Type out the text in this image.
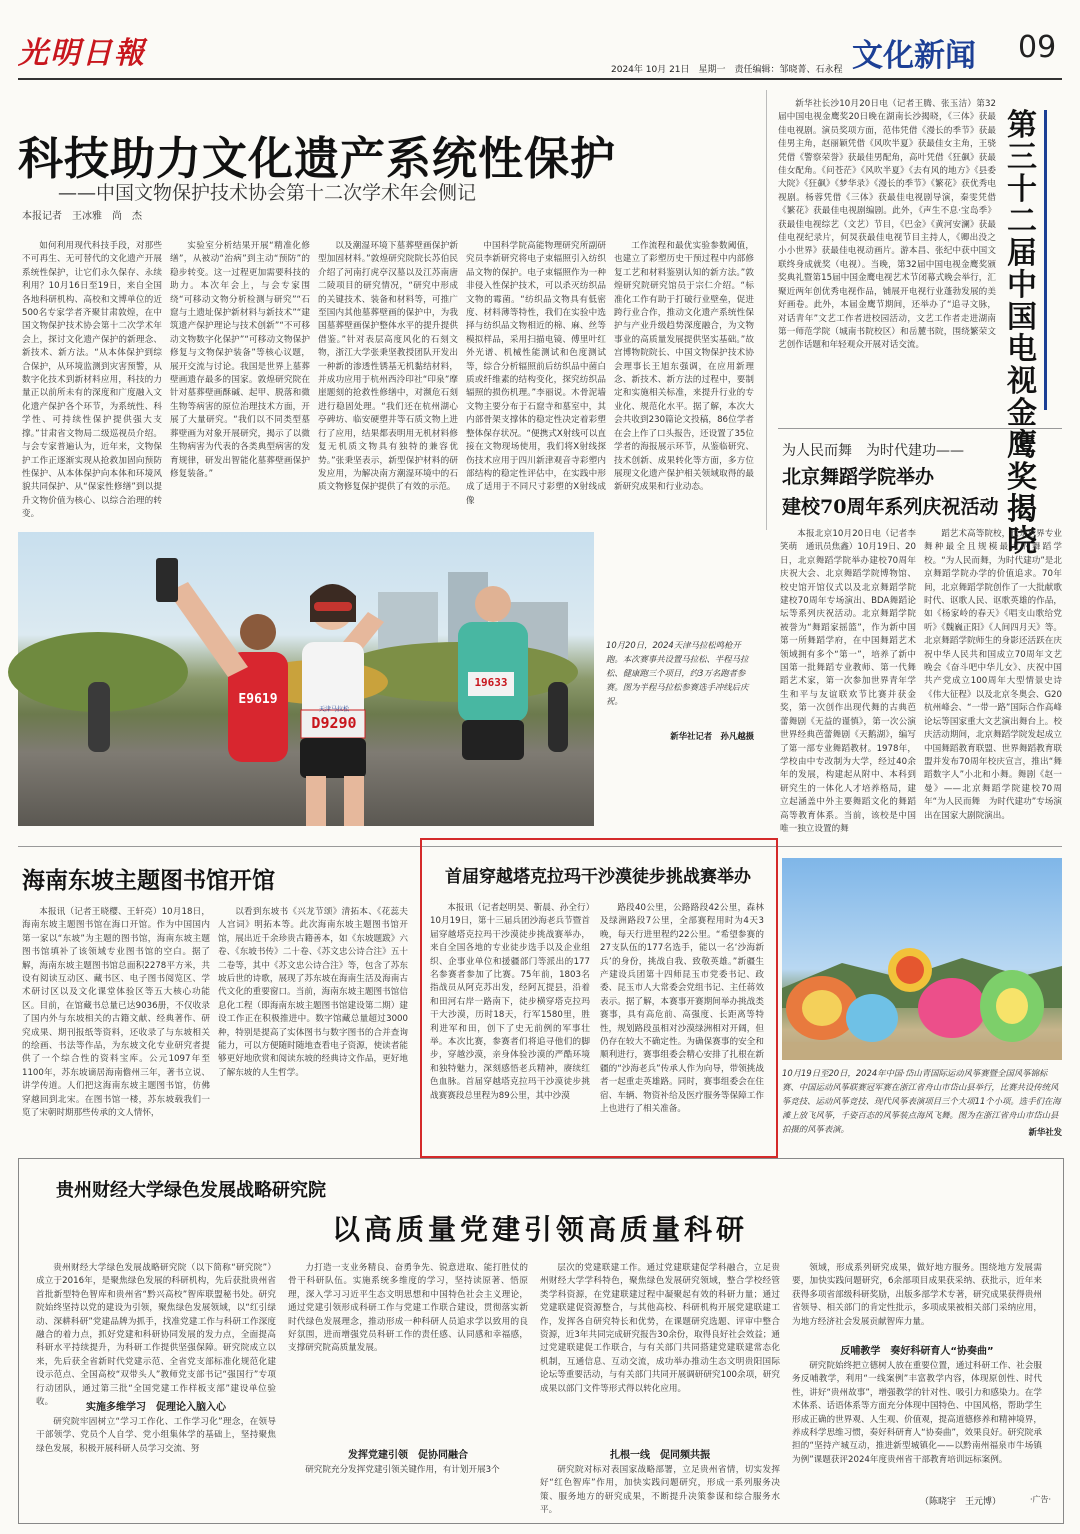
光明日報	2024年 10月 21日　星期一　责任编辑：邹晓菁、石永程 文化新闻 09
科技助力文化遗产系统性保护
——中国文物保护技术协会第十二次学术年会侧记
本报记者　王冰雅　尚　杰

如何利用现代科技手段，对那些不可再生、无可替代的文化遗产开展系统性保护，让它们永久保存、永续利用？10月16日至19日，来自全国各地科研机构、高校和文博单位的近500名专家学者齐聚甘肃敦煌，在中国文物保护技术协会第十二次学术年会上，探讨文化遗产保护的新理念、新技术、新方法。“从本体保护到综合保护，从环境监测到灾害预警，从数字化技术到新材料应用，科技的力量正以前所未有的深度和广度融入文化遗产保护各个环节，为系统性、科学性、可持续性保护提供强大支撑。”甘肃省文物局二级巡视员介绍。与会专家普遍认为，近年来，文物保护工作正逐渐实现从抢救加固向预防性保护、从本体保护向本体和环境风貌共同保护、从“保家性修缮”到以提升文物价值为核心、以综合治理的转变。

实验室分析结果开展“精准化修缮”，从被动“治病”到主动“预防”的稳步转变。这一过程更加需要科技的助力。本次年会上，与会专家围绕“可移动文物分析检测与研究”“石窟与土遗址保护新材料与新技术”“建筑遗产保护理论与技术创新”“不可移动文物数字化保护”“可移动文物保护修复与文物保护装备”等核心议题，展开交流与讨论。我国是世界上墓葬壁画遗存最多的国家。敦煌研究院在针对墓葬壁画酥碱、起甲、脱落和微生物等病害的原位治理技术方面，开展了大量研究。“我们以不同类型墓葬壁画为对象开展研究，揭示了以微生物病害为代表的各类典型病害的发育规律，研发出智能化墓葬壁画保护修复装备。”

以及潮湿环境下墓葬壁画保护新型加固材料。”敦煌研究院院长苏伯民介绍了河南打虎亭汉墓以及江苏南唐二陵项目的研究情况，“研究中形成的关键技术、装备和材料等，可推广至国内其他墓葬壁画的保护中，为我国墓葬壁画保护整体水平的提升提供借鉴。”针对表层高度风化的石刻文物，浙江大学张秉坚教授团队开发出一种新的渗透性锈基无机黏结材料，并成功应用于杭州西泠印社“印泉”摩崖题刻的抢救性修缮中，对濒危石刻进行稳固处理。“我们还在杭州湖心亭碑坊、临安硬塑井等石质文物上进行了应用，结果都表明用无机材料修复无机质文物具有独特的兼容优势。”张秉坚表示，新型保护材料的研发应用，为解决南方潮湿环境中的石质文物修复保护提供了有效的示范。

中国科学院高能物理研究所副研究员李新研究将电子束辐照引入纺织品文物的保护。电子束辐照作为一种非侵入性保护技术，可以杀灭纺织品文物的霉菌。“纺织品文物具有低密度、材料薄等特性，我们在实验中选择与纺织品文物相近的棉、麻、丝等模拟样品，采用扫描电镜、傅里叶红外光谱、机械性能测试和色度测试等，综合分析辐照前后纺织品中菌白质或纤维素的结构变化，探究纺织品辐照的损伤机理。”李丽说。木骨泥墙文物主要分布于石窟寺和墓室中，其内部骨架支撑体的稳定性决定着彩塑整体保存状况。“便携式X射线可以直接在文物现场使用，我们将X射线探伤技术应用于四川新津观音寺彩塑内部结构的稳定性评估中，在实践中形成了适用于不同尺寸彩塑的X射线成像

工作流程和最优实验参数阈值，也建立了彩塑历史干预过程中内部修复工艺和材料鉴别认知的新方法。”敦煌研究院研究馆员于宗仁介绍。“标准化工作有助于打破行业壁垒，促进跨行业合作，推动文化遗产系统性保护与产业升级趋势深度融合，为文物事业的高质量发展提供坚实基础。”故宫博物院院长、中国文物保护技术协会理事长王旭东强调，在应用新理念、新技术、新方法的过程中，要制定和实施相关标准，来提升行业的专业化、规范化水平。据了解，本次大会共收到230篇论文投稿，86位学者在会上作了口头报告，还设置了35位学者的海报展示环节，从鉴临研究、技术创新、成果转化等方面，多方位展现文化遗产保护相关领域取得的最新研究成果和行业动态。

新华社长沙10月20日电（记者王腾、张玉洁）第32届中国电视金鹰奖20日晚在湖南长沙揭晓，《三体》获最佳电视剧。演员奖项方面，范伟凭借《漫长的季节》获最佳男主角，赵丽颖凭借《风吹半夏》获最佳女主角，王骁凭借《警察荣誉》获最佳男配角，高叶凭借《狂飙》获最佳女配角。《问苍茫》《风吹半夏》《去有风的地方》《县委大院》《狂飙》《梦华录》《漫长的季节》《繁花》获优秀电视剧。杨蓉凭借《三体》获最佳电视剧导演，秦雯凭借《繁花》获最佳电视剧编剧。此外，《声生不息·宝岛季》获最佳电视综艺（文艺）节目，《巴金》《黄河安澜》获最佳电视纪录片，何炅获最佳电视节目主持人，《卿出没之小小世界》获最佳电视动画片。游本昌、张纪中获中国文联终身成就奖（电视）。当晚，第32届中国电视金鹰奖颁奖典礼暨第15届中国金鹰电视艺术节闭幕式晚会举行，汇聚近两年创优秀电视作品，铺展开电视行业蓬勃发展的美好画卷。此外，本届金鹰节期间，还举办了“追寻文脉，对话青年”文艺工作者进校园活动，文艺工作者走进湖南第一师范学院（城南书院校区）和岳麓书院，围绕繁荣文艺创作话题和年轻观众开展对话交流。

第三十二届中国电视金鹰奖揭晓
为人民而舞　为时代建功——
北京舞蹈学院举办
建校70周年系列庆祝活动

本报北京10月20日电（记者李笑萌　通讯员焦鑫）10月19日、20日，北京舞蹈学院举办建校70周年庆祝大会、北京舞蹈学院博物馆、校史馆开馆仪式以及北京舞蹈学院建校70周年专场演出、BDA舞蹈论坛等系列庆祝活动。北京舞蹈学院被誉为“舞蹈家摇篮”，作为新中国第一所舞蹈学府，在中国舞蹈艺术领域拥有多个“第一”，培养了新中国第一批舞蹈专业教师、第一代舞蹈艺术家，第一次参加世界青年学生和平与友谊联欢节比赛并获金奖，第一次创作出现代舞的古典芭蕾舞剧《无益的谨慎》，第一次公演世界经典芭蕾舞剧《天鹅湖》，编写了第一部专业舞蹈教材。1978年，学校由中专改制为大学，经过40余年的发展，构建起从附中、本科到研究生的一体化人才培养格局，建立起涵盖中外主要舞蹈文化的舞蹈高等教育体系。当前，该校是中国唯一独立设置的舞

蹈艺术高等院校，也是世界专业舞种最全且规模最大的舞蹈学校。“为人民而舞，为时代建功”是北京舞蹈学院办学的价值追求。70年间，北京舞蹈学院创作了一大批献歌时代、讴歌人民、讴歌英雄的作品，如《杨家岭的春天》《唱支山歌给党听》《魏巍正阳》《人间四月天》等。北京舞蹈学院师生的身影还活跃在庆祝中华人民共和国成立70周年文艺晚会《奋斗吧中华儿女》、庆祝中国共产党成立100周年大型情景史诗《伟大征程》以及北京冬奥会、G20杭州峰会、“一带一路”国际合作高峰论坛等国家重大文艺演出舞台上。校庆活动期间，北京舞蹈学院发起成立中国舞蹈教育联盟、世界舞蹈教育联盟并发布70周年校庆宣言，推出“舞蹈数字人”小北和小舞。舞剧《赵一曼》——北京舞蹈学院建校70周年“为人民而舞　为时代建功”专场演出在国家大剧院演出。

D9290
天津马拉松
E9619
19633
10月20日，2024天津马拉松鸣枪开跑。本次赛事共设置马拉松、半程马拉松、健康跑三个项目，约3万名跑者参赛。图为半程马拉松参赛选手冲线后庆祝。
新华社记者　孙凡越摄
海南东坡主题图书馆开馆

本报讯（记者王晓樱、王轩亮）10月18日，海南东坡主题图书馆在海口开馆。作为中国国内第一家以“东坡”为主题的图书馆，海南东坡主题图书馆填补了该领域专业图书馆的空白。据了解，海南东坡主题图书馆总面积2278平方米，共设有阅读互动区、藏书区、电子图书阅览区、学术研讨区以及文化课堂体验区等五大核心功能区。目前，在馆藏书总量已达9036册，不仅收录了国内外与东坡相关的古籍文献、经典著作、研究成果、期刊报纸等资料，还收录了与东坡相关的绘画、书法等作品，为东坡文化专业研究者提供了一个综合性的资料宝库。公元1097年至1100年，苏东坡谪居海南儋州三年，著书立说、讲学传道。人们把这海南东坡主题图书馆，仿佛穿越回到北宋。在图书馆一楼，苏东坡载我们一览了宋朝时期那些传承的文人情怀，

以看到东坡书《兴龙节颂》清拓本、《花蕊夫人宫词》明拓本等。此次海南东坡主题图书馆开馆，展出近千余珍贵古籍善本，如《东坡题跋》六卷、《东坡书传》二十卷、《苏文忠公诗合注》五十二卷等，其中《苏文忠公诗合注》等，包含了苏东坡后世的诗歌，展现了苏东坡在海南生活及海南古代文化的重要窗口。当前，海南东坡主题图书馆信息化工程（即海南东坡主题图书馆建设第二期）建设工作正在积极推进中。数字馆藏总量超过3000种，特别是提高了实体图书与数字图书的合并查询能力，可以方便随时随地查看电子资源，使读者能够更好地欣赏和阅读东坡的经典诗文作品，更好地了解东坡的人生哲学。

首届穿越塔克拉玛干沙漠徒步挑战赛举办

本报讯（记者赵明昊、靳晨、孙全行）10月19日，第十三届兵团沙海老兵节暨首届穿越塔克拉玛干沙漠徒步挑战赛举办，来自全国各地的专业徒步选手以及企业组织、企事业单位和援疆部门等派出的177名参赛者参加了比赛。75年前，1803名指战员从阿克苏出发，经阿瓦提县，沿着和田河右岸一路南下，徒步横穿塔克拉玛干大沙漠，历时18天，行军1580里，胜利进军和田，创下了史无前例的军事壮举。本次比赛，参赛者们将追寻他们的脚步，穿越沙漠，亲身体验沙漠的严酷环境和独特魅力，深刻感悟老兵精神，赓续红色血脉。首届穿越塔克拉玛干沙漠徒步挑战赛赛段总里程为89公里，其中沙漠

路段40公里，公路路段42公里，森林及绿洲路段7公里，全部赛程用时为4天3晚，每天行进里程约22公里。“希望参赛的27支队伍的177名选手，能以一名‘沙海新兵’的身份，挑战自我、致敬英雄。”新疆生产建设兵团第十四师昆玉市党委书记、政委、昆玉市人大常委会党组书记、主任蒋效表示。据了解，本赛事开赛期间举办挑战类赛事，具有高危前、高强度、长距离等特性，规划路段虽相对沙漠绿洲相对开阔，但仍存在较大不确定性。为确保赛事的安全和顺利进行，赛事组委会精心安排了扎根在新疆的“沙海老兵”传承人作为向导，带领挑战者一起重走英雄路。同时，赛事组委会在住宿、车辆、物资补给及医疗服务等保障工作上也进行了相关准备。

10月19日至20日，2024年中国·岱山青国际运动风筝赛暨全国风筝锦标赛、中国运动风筝联赛冠军赛在浙江省舟山市岱山县举行，比赛共设传统风筝竞技、运动风筝竞技、现代风筝表演项目三个大项11个小项。选手们在海滩上放飞风筝，千姿百态的风筝装点海风飞舞。图为在浙江省舟山市岱山县拍摄的风筝表演。	新华社发
贵州财经大学绿色发展战略研究院
以高质量党建引领高质量科研

贵州财经大学绿色发展战略研究院（以下简称“研究院”）成立于2016年，是聚焦绿色发展的科研机构，先后获批贵州省首批新型特色智库和贵州省“黔兴高校”智库联盟秘书处。研究院始终坚持以党的建设为引领，聚焦绿色发展领域，以“红引绿动、深耕科研”党建品牌为抓手，找准党建工作与科研工作深度融合的着力点，抓好党建和科研协同发展的发力点，全面提高科研水平持续提升，为科研工作提供坚强保障。研究院成立以来，先后获全省新时代党建示范、全省党支部标准化规范化建设示范点、全国高校“双带头人”教师党支部书记“强国行”专项行动团队，通过第三批“全国党建工作样板支部”建设单位验收。	实施多维学习　促理论入脑入心

研究院牢固树立“学习工作化、工作学习化”理念，在领导干部领学、党员个人自学、党小组集体学的基础上，坚持聚焦绿色发展，积极开展科研人员学习交流、努

力打造一支业务精良、奋勇争先、锐意进取、能打胜仗的骨干科研队伍。实施系统多维度的学习，坚持读原著、悟原理，深入学习习近平生态文明思想和中国特色社会主义理论，通过党建引领形成科研工作与党建工作联合建设，贯彻落实新时代绿色发展理念，推动形成一种科研人员追求学以致用的良好氛围，进而增强党员科研工作的责任感、认同感和幸福感，支撑研究院高质量发展。

发挥党建引领　促协同融合

研究院充分发挥党建引领关键作用，有计划开展3个

层次的党建联建工作。通过党建联建促学科融合，立足贵州财经大学学科特色，聚焦绿色发展研究领域，整合学校经管类学科资源，在党建联建过程中凝聚起有效的科研力量；通过党建联建促资源整合，与其他高校、科研机构开展党建联建工作，发挥各自研究特长和优势，在课题研究选题、评审中整合资源，近3年共同完成研究报告30余份，取得良好社会效益；通过党建联建促工作联合，与有关部门共同搭建党建联建常态化机制，互通信息、互动交流，成功举办推动生态文明贵阳国际论坛等重要活动，与有关部门共同开展调研研究100余项，研究成果以部门文件等形式得以转化应用。

扎根一线　促同频共振

研究院对标对表国家战略部署，立足贵州省情，切实发挥好“红色智库”作用，加快实践问题研究，形成一系列服务决策、服务地方的研究成果，不断提升决策参谋和综合服务水平。

领域，形成系列研究成果，做好地方服务。围绕地方发展需要，加快实践问题研究，6余部项目成果获采纳、获批示，近年来获得多项省部级科研奖励，出版多部学术专著，研究成果获得贵州省领导、相关部门的肯定性批示，多项成果被相关部门采纳应用，为地方经济社会发展贡献智库力量。

反哺教学　奏好科研育人“协奏曲”

研究院始终把立德树人放在重要位置，通过科研工作、社会服务反哺教学，利用“一线案例”丰富教学内容，体现原创性、时代性，讲好“贵州故事”，增强教学的针对性、吸引力和感染力。在学术体系、话语体系等方面充分体现中国特色、中国风格，帮助学生形成正确的世界观、人生观、价值观，提高道德修养和精神境界，养成科学思维习惯，奏好科研育人“协奏曲”，效果良好。研究院承担的“坚持产城互动，推进新型城镇化——以黔南州福泉市牛场镇为例”课题获评2024年度贵州省干部教育培训远标案例。

（陈晓宇　王元博）	·广告·
